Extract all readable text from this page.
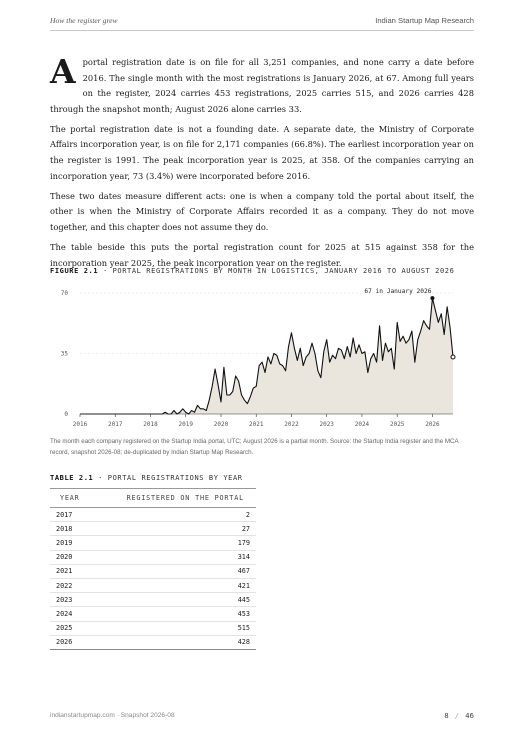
How the register grew	Indian Startup Map Research

Aportal registration date is on file for all 3,251 companies, and none carry a date before 2016. The single month with the most registrations is January 2026, at 67. Among full years on the register, 2024 carries 453 registrations, 2025 carries 515, and 2026 carries 428 through the snapshot month; August 2026 alone carries 33.

The portal registration date is not a founding date. A separate date, the Ministry of Corporate Affairs incorporation year, is on file for 2,171 companies (66.8%). The earliest incorporation year on the register is 1991. The peak incorporation year is 2025, at 358. Of the companies carrying an incorporation year, 73 (3.4%) were incorporated before 2016.

These two dates measure different acts: one is when a company told the portal about itself, the other is when the Ministry of Corporate Affairs recorded it as a company. They do not move together, and this chapter does not assume they do.

The table beside this puts the portal registration count for 2025 at 515 against 358 for the incorporation year 2025, the peak incorporation year on the register.

FIGURE 2.1 · PORTAL REGISTRATIONS BY MONTH IN LOGISTICS, JANUARY 2016 TO AUGUST 2026
0
35
70
2016	2017	2018	2019	2020	2021	2022	2023	2024	2025	2026
67 in January 2026
The month each company registered on the Startup India portal, UTC; August 2026 is a partial month. Source: the Startup India register and the MCA record, snapshot 2026-08; de-duplicated by Indian Startup Map Research.
TABLE 2.1 · PORTAL REGISTRATIONS BY YEAR
YEAR	REGISTERED ON THE PORTAL
2017	2
2018	27
2019	179
2020	314
2021	467
2022	421
2023	445
2024	453
2025	515
2026	428
indianstartupmap.com · Snapshot 2026-08	8 / 46
